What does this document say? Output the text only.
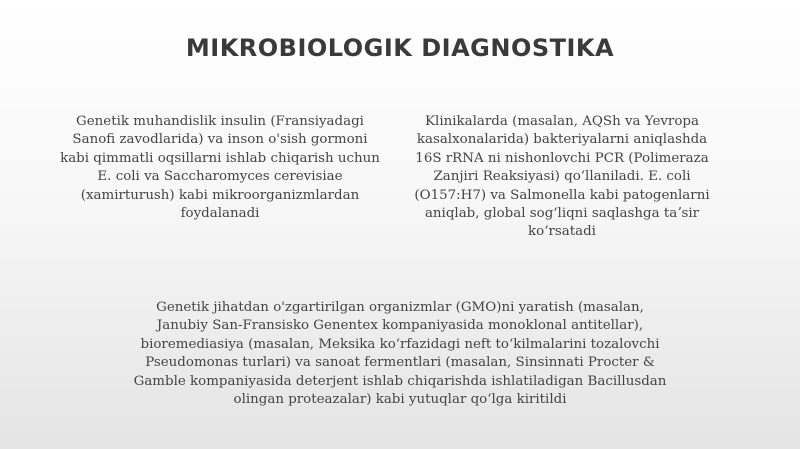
MIKROBIOLOGIK DIAGNOSTIKA

Genetik muhandislik insulin (Fransiyadagi Sanofi zavodlarida) va inson o'sish gormoni kabi qimmatli oqsillarni ishlab chiqarish uchun E. coli va Saccharomyces cerevisiae (xamirturush) kabi mikroorganizmlardan foydalanadi

Klinikalarda (masalan, AQSh va Yevropa kasalxonalarida) bakteriyalarni aniqlashda 16S rRNA ni nishonlovchi PCR (Polimeraza Zanjiri Reaksiyasi) qoʻllaniladi. E. coli (O157:H7) va Salmonella kabi patogenlarni aniqlab, global sogʻliqni saqlashga taʼsir koʻrsatadi

Genetik jihatdan o'zgartirilgan organizmlar (GMO)ni yaratish (masalan, Janubiy San-Fransisko Genentex kompaniyasida monoklonal antitellar), bioremediasiya (masalan, Meksika koʻrfazidagi neft toʻkilmalarini tozalovchi Pseudomonas turlari) va sanoat fermentlari (masalan, Sinsinnati Procter & Gamble kompaniyasida deterjent ishlab chiqarishda ishlatiladigan Bacillusdan olingan proteazalar) kabi yutuqlar qoʻlga kiritildi
